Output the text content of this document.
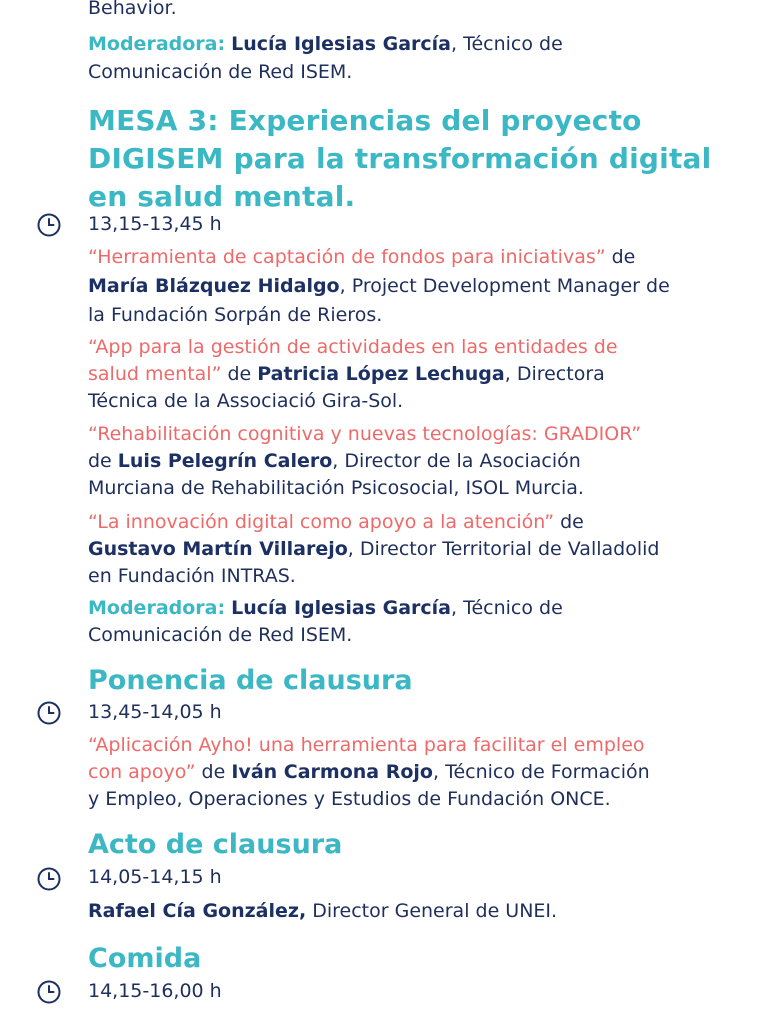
Behavior.
Moderadora: Lucía Iglesias García, Técnico de
Comunicación de Red ISEM.
MESA 3: Experiencias del proyecto
DIGISEM para la transformación digital
en salud mental.
13,15-13,45 h
“Herramienta de captación de fondos para iniciativas” de
María Blázquez Hidalgo, Project Development Manager de
la Fundación Sorpán de Rieros.
“App para la gestión de actividades en las entidades de
salud mental” de Patricia López Lechuga, Directora
Técnica de la Associació Gira-Sol.
“Rehabilitación cognitiva y nuevas tecnologías: GRADIOR”
de Luis Pelegrín Calero, Director de la Asociación
Murciana de Rehabilitación Psicosocial, ISOL Murcia.
“La innovación digital como apoyo a la atención” de
Gustavo Martín Villarejo, Director Territorial de Valladolid
en Fundación INTRAS.
Moderadora: Lucía Iglesias García, Técnico de
Comunicación de Red ISEM.
Ponencia de clausura
13,45-14,05 h
“Aplicación Ayho! una herramienta para facilitar el empleo
con apoyo” de Iván Carmona Rojo, Técnico de Formación
y Empleo, Operaciones y Estudios de Fundación ONCE.
Acto de clausura
14,05-14,15 h
Rafael Cía González, Director General de UNEI.
Comida
14,15-16,00 h
